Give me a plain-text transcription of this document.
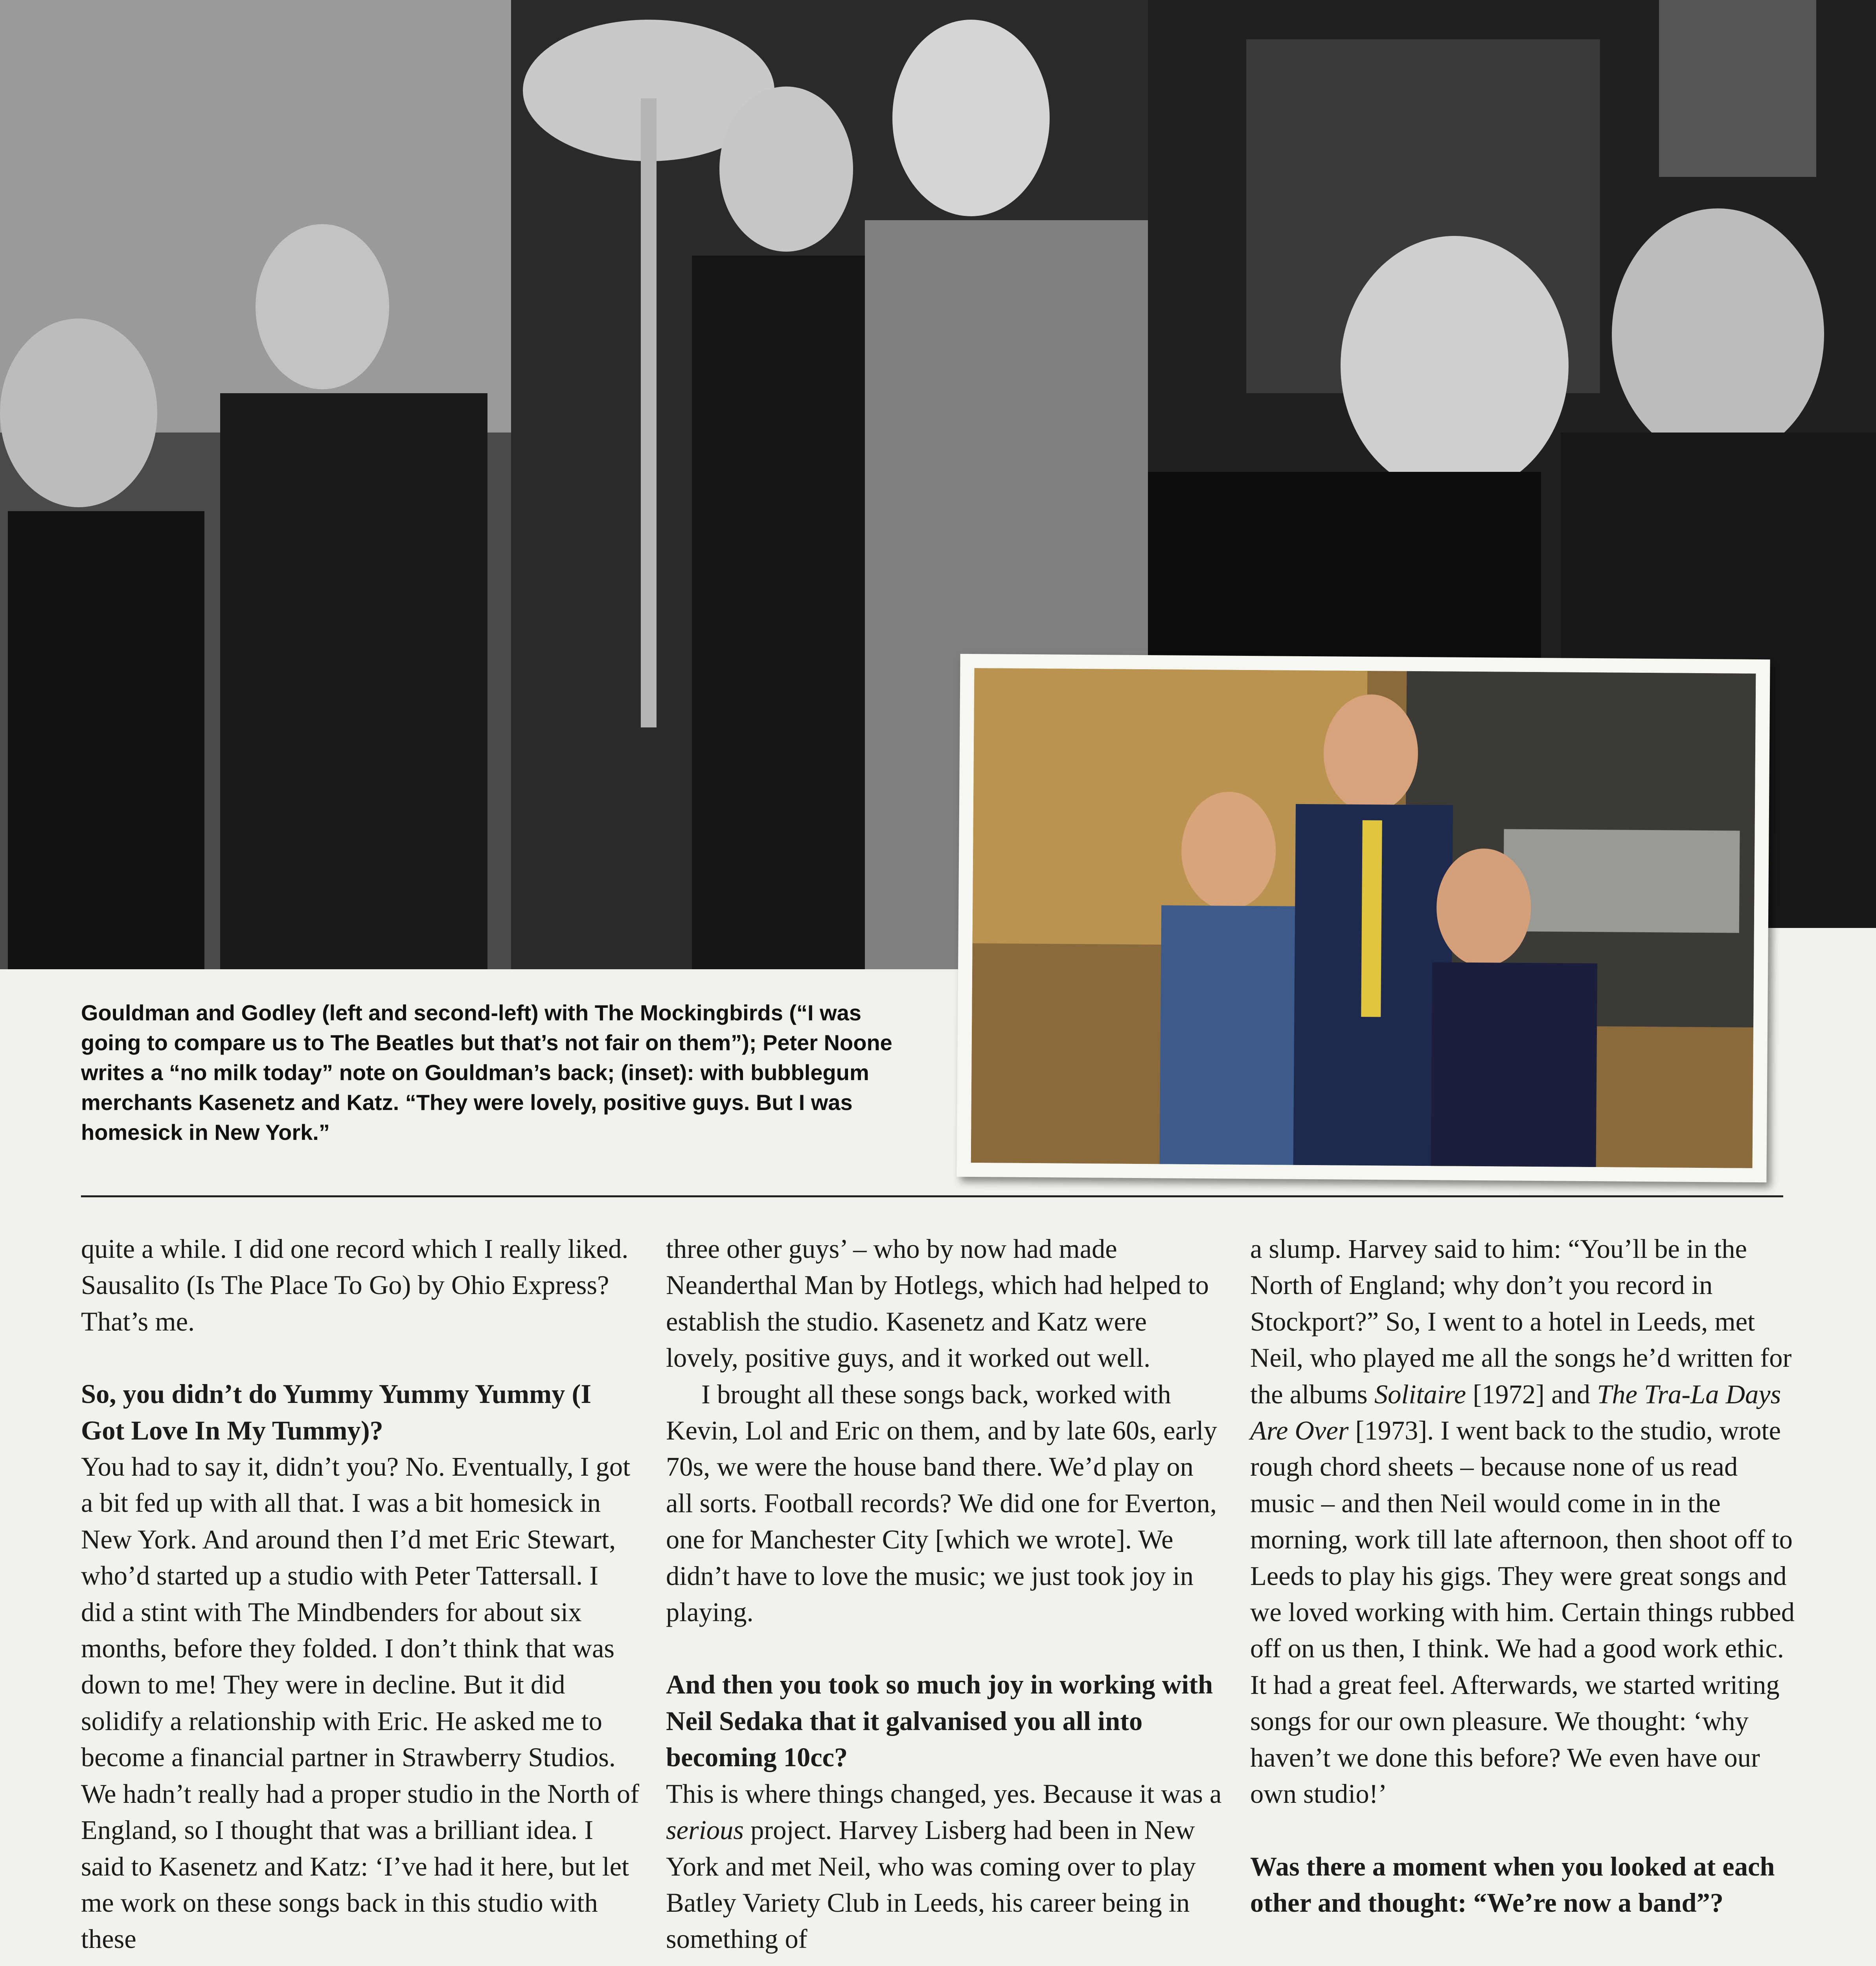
Gouldman and Godley (left and second-left) with The Mockingbirds (“I was going to compare us to The Beatles but that’s not fair on them”); Peter Noone writes a “no milk today” note on Gouldman’s back; (inset): with bubblegum merchants Kasenetz and Katz. “They were lovely, positive guys. But I was homesick in New York.”

quite a while. I did one record which I really liked. Sausalito (Is The Place To Go) by Ohio Express? That’s me.

So, you didn’t do Yummy Yummy Yummy (I Got Love In My Tummy)?

You had to say it, didn’t you? No. Eventually, I got a bit fed up with all that. I was a bit homesick in New York. And around then I’d met Eric Stewart, who’d started up a studio with Peter Tattersall. I did a stint with The Mindbenders for about six months, before they folded. I don’t think that was down to me! They were in decline. But it did solidify a relationship with Eric. He asked me to become a financial partner in Strawberry Studios. We hadn’t really had a proper studio in the North of England, so I thought that was a brilliant idea. I said to Kasenetz and Katz: ‘I’ve had it here, but let me work on these songs back in this studio with these

three other guys’ – who by now had made Neanderthal Man by Hotlegs, which had helped to establish the studio. Kasenetz and Katz were lovely, positive guys, and it worked out well.

I brought all these songs back, worked with Kevin, Lol and Eric on them, and by late 60s, early 70s, we were the house band there. We’d play on all sorts. Football records? We did one for Everton, one for Manchester City [which we wrote]. We didn’t have to love the music; we just took joy in playing.

And then you took so much joy in working with Neil Sedaka that it galvanised you all into becoming 10cc?

This is where things changed, yes. Because it was a serious project. Harvey Lisberg had been in New York and met Neil, who was coming over to play Batley Variety Club in Leeds, his career being in something of

a slump. Harvey said to him: “You’ll be in the North of England; why don’t you record in Stockport?” So, I went to a hotel in Leeds, met Neil, who played me all the songs he’d written for the albums Solitaire [1972] and The Tra-La Days Are Over [1973]. I went back to the studio, wrote rough chord sheets – because none of us read music – and then Neil would come in in the morning, work till late afternoon, then shoot off to Leeds to play his gigs. They were great songs and we loved working with him. Certain things rubbed off on us then, I think. We had a good work ethic. It had a great feel. Afterwards, we started writing songs for our own pleasure. We thought: ‘why haven’t we done this before? We even have our own studio!’

Was there a moment when you looked at each other and thought: “We’re now a band”?
